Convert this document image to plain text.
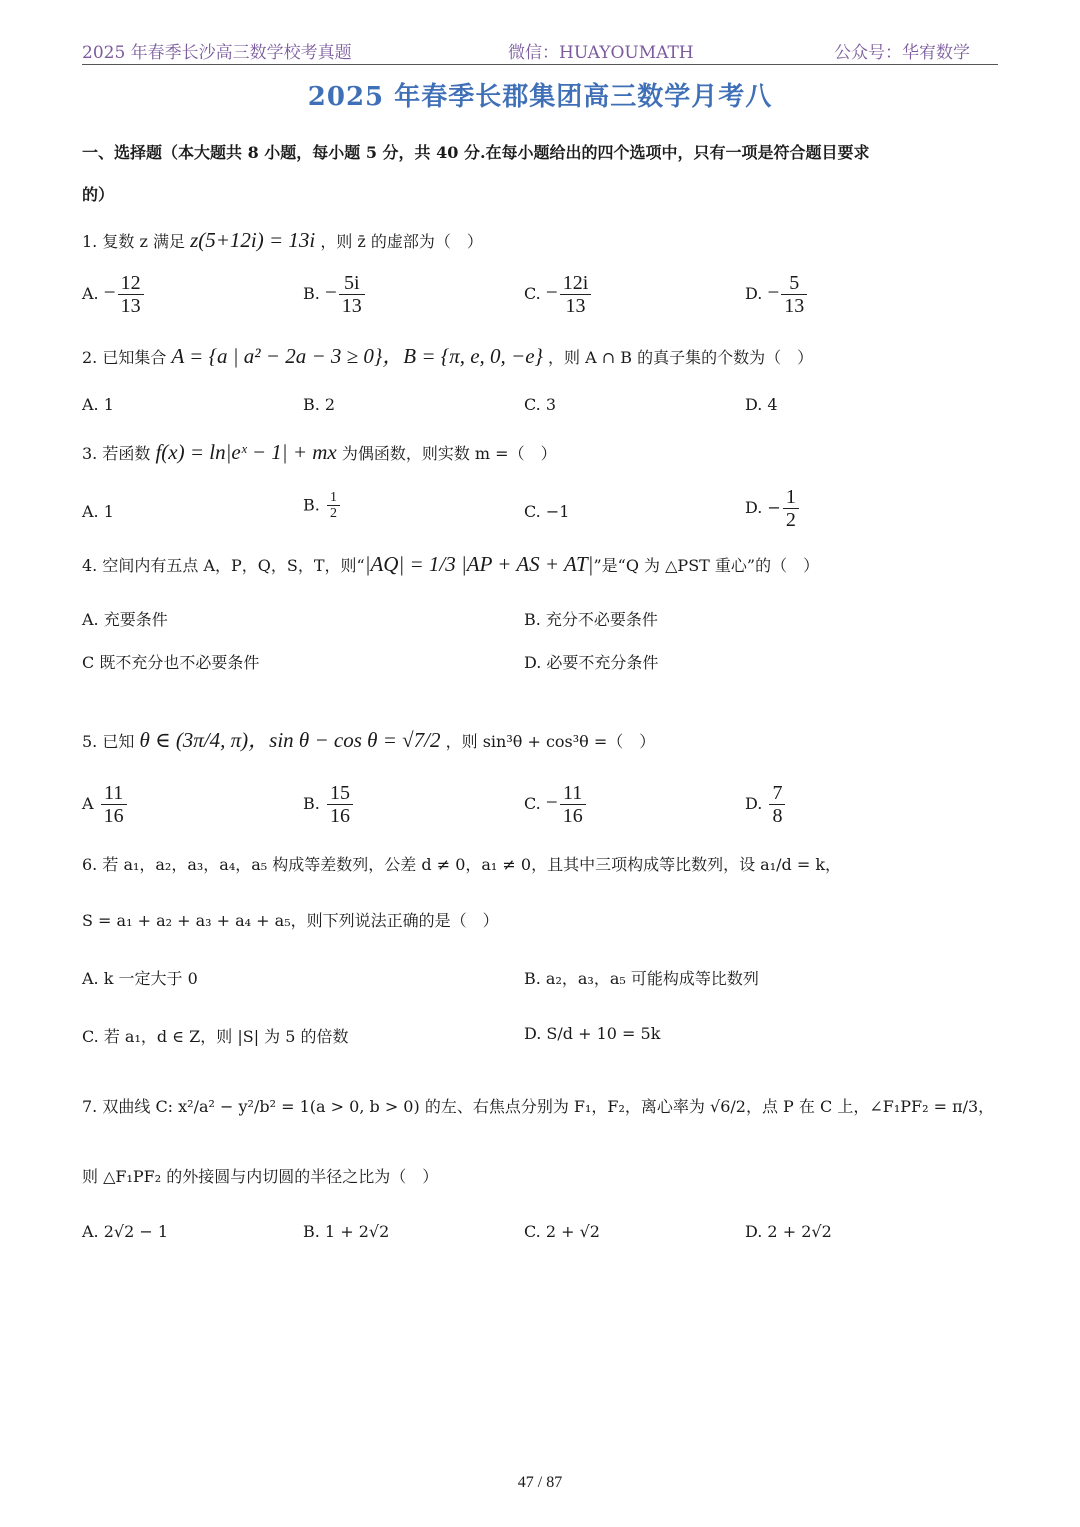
2025 年春季长沙高三数学校考真题	微信：HUAYOUMATH	公众号：华宥数学
2025 年春季长郡集团高三数学月考八
一、选择题（本大题共 8 小题，每小题 5 分，共 40 分.在每小题给出的四个选项中，只有一项是符合题目要求
的）
1. 复数 z 满足 z(5+12i) = 13i ，则 z̄ 的虚部为（　）
A. − $\frac{12}{13}$	B. − $\frac{5i}{13}$	C. − $\frac{12i}{13}$	D. − $\frac{5}{13}$
2. 已知集合 A = {a | a² − 2a − 3 ≥ 0}，B = {π, e, 0, −e} ，则 A ∩ B 的真子集的个数为（　）
A. 1	B. 2	C. 3	D. 4
3. 若函数 f(x) = ln|eˣ − 1| + mx 为偶函数，则实数 m =（　）
A. 1	B. $\frac{1}{2}$	C. −1	D. − $\frac{1}{2}$
4. 空间内有五点 A，P，Q，S，T，则“|AQ| = 1/3 |AP + AS + AT|”是“Q 为 △PST 重心”的（　）
A. 充要条件	B. 充分不必要条件
C 既不充分也不必要条件	D. 必要不充分条件
5. 已知 θ ∈ (3π/4, π)，sin θ − cos θ = √7/2 ，则 sin³θ + cos³θ =（　）
A $\frac{11}{16}$	B. $\frac{15}{16}$	C. − $\frac{11}{16}$	D. $\frac{7}{8}$
6. 若 a₁，a₂，a₃，a₄，a₅ 构成等差数列，公差 d ≠ 0，a₁ ≠ 0，且其中三项构成等比数列，设 a₁/d = k，
S = a₁ + a₂ + a₃ + a₄ + a₅，则下列说法正确的是（　）
A. k 一定大于 0	B. a₂，a₃，a₅ 可能构成等比数列
C. 若 a₁，d ∈ Z，则 |S| 为 5 的倍数	D. S/d + 10 = 5k
7. 双曲线 C: x²/a² − y²/b² = 1(a > 0, b > 0) 的左、右焦点分别为 F₁，F₂，离心率为 √6/2，点 P 在 C 上，∠F₁PF₂ = π/3，
则 △F₁PF₂ 的外接圆与内切圆的半径之比为（　）
A. 2√2 − 1	B. 1 + 2√2	C. 2 + √2	D. 2 + 2√2
47 / 87
